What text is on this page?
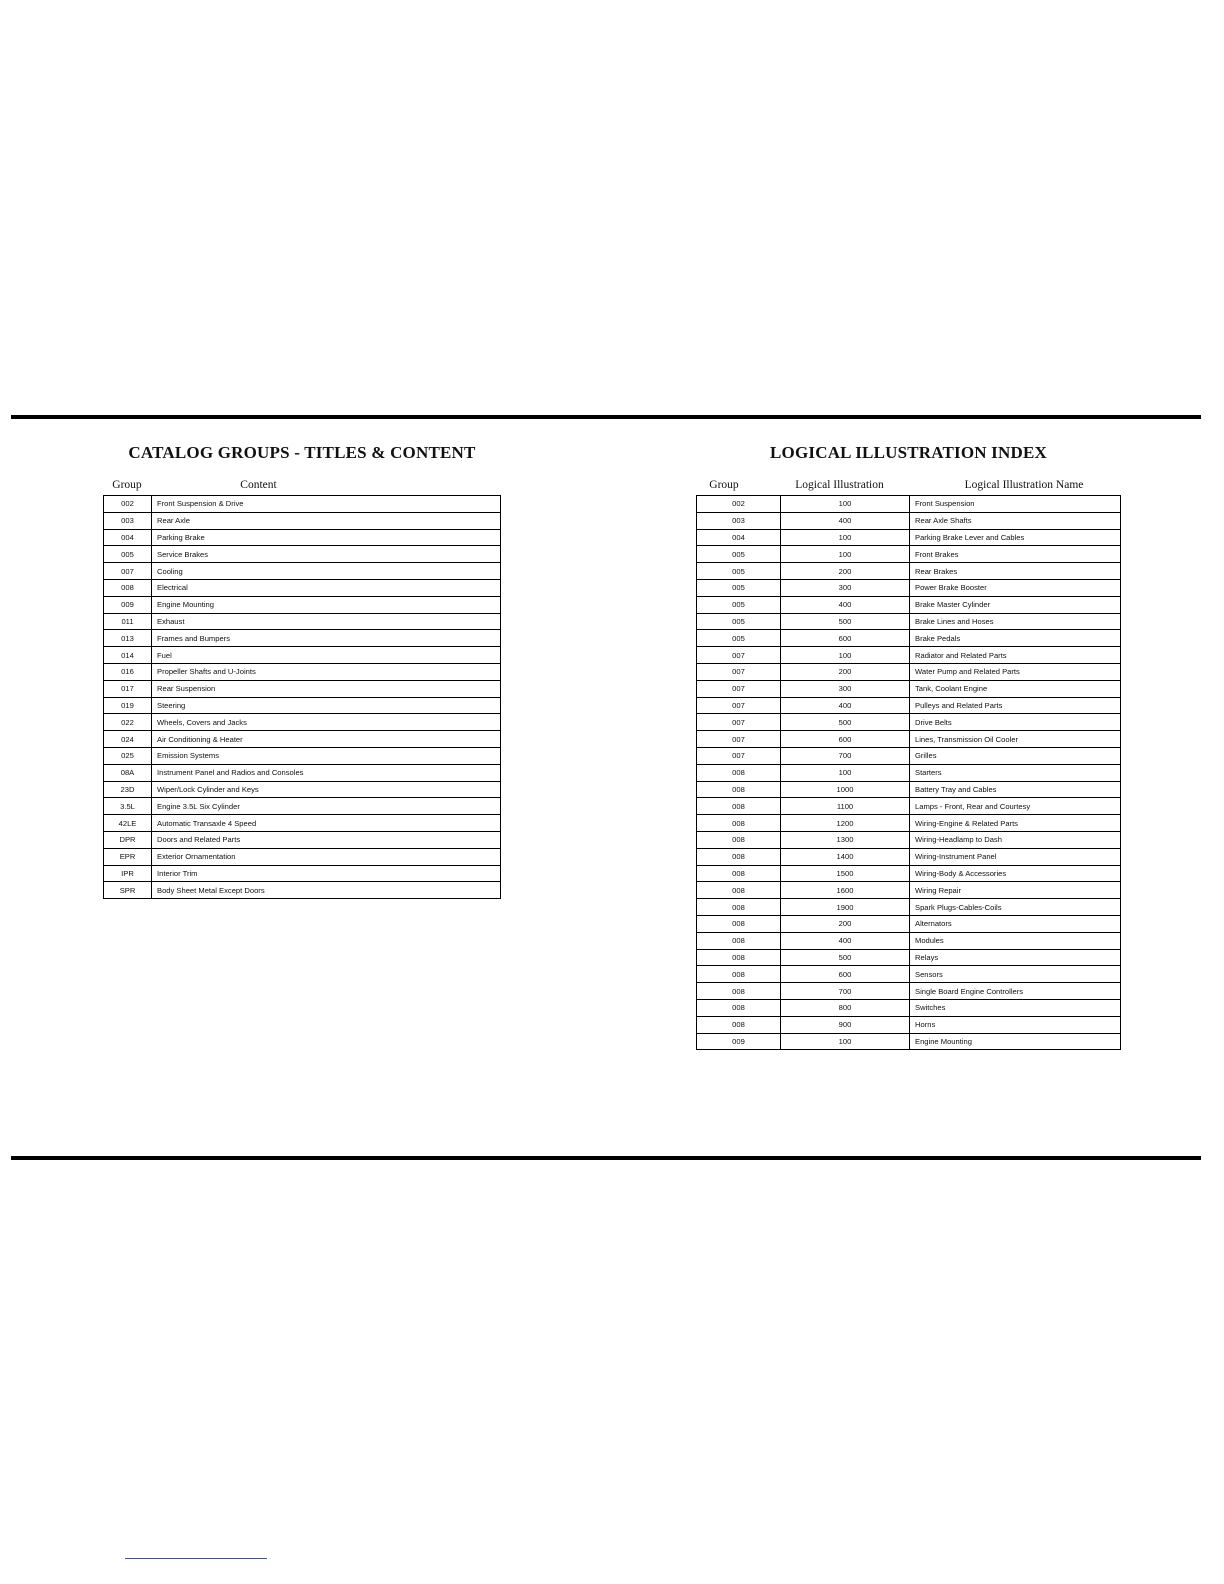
CATALOG GROUPS - TITLES & CONTENT
Group	Content
002	Front Suspension & Drive
003	Rear Axle
004	Parking Brake
005	Service Brakes
007	Cooling
008	Electrical
009	Engine Mounting
011	Exhaust
013	Frames and Bumpers
014	Fuel
016	Propeller Shafts and U-Joints
017	Rear Suspension
019	Steering
022	Wheels, Covers and Jacks
024	Air Conditioning & Heater
025	Emission Systems
08A	Instrument Panel and Radios and Consoles
23D	Wiper/Lock Cylinder and Keys
3.5L	Engine 3.5L Six Cylinder
42LE	Automatic Transaxle 4 Speed
DPR	Doors and Related Parts
EPR	Exterior Ornamentation
IPR	Interior Trim
SPR	Body Sheet Metal Except Doors
LOGICAL ILLUSTRATION INDEX
Group	Logical Illustration	Logical Illustration Name
002	100	Front Suspension
003	400	Rear Axle Shafts
004	100	Parking Brake Lever and Cables
005	100	Front Brakes
005	200	Rear Brakes
005	300	Power Brake Booster
005	400	Brake Master Cylinder
005	500	Brake Lines and Hoses
005	600	Brake Pedals
007	100	Radiator and Related Parts
007	200	Water Pump and Related Parts
007	300	Tank, Coolant Engine
007	400	Pulleys and Related Parts
007	500	Drive Belts
007	600	Lines, Transmission Oil Cooler
007	700	Grilles
008	100	Starters
008	1000	Battery Tray and Cables
008	1100	Lamps - Front, Rear and Courtesy
008	1200	Wiring-Engine & Related Parts
008	1300	Wiring-Headlamp to Dash
008	1400	Wiring-Instrument Panel
008	1500	Wiring-Body & Accessories
008	1600	Wiring Repair
008	1900	Spark Plugs-Cables-Coils
008	200	Alternators
008	400	Modules
008	500	Relays
008	600	Sensors
008	700	Single Board Engine Controllers
008	800	Switches
008	900	Horns
009	100	Engine Mounting
